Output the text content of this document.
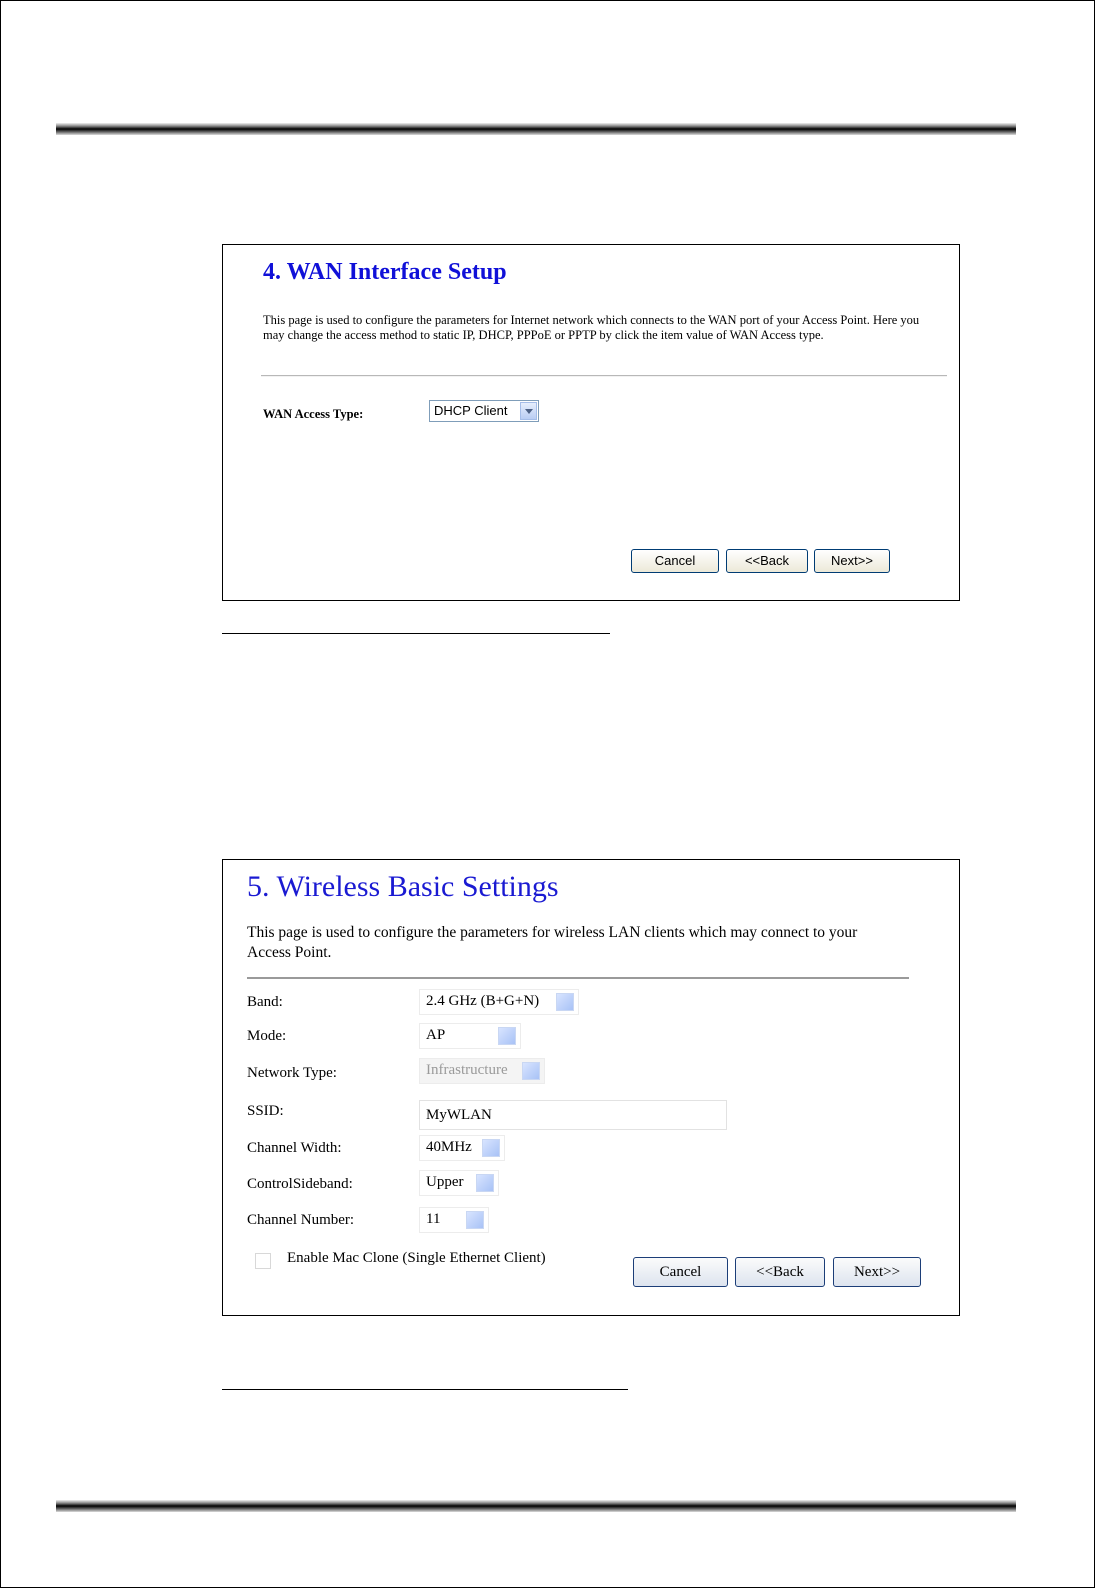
4. WAN Interface Setup

This page is used to configure the parameters for Internet network which connects to the WAN port of your Access Point. Here you may change the access method to static IP, DHCP, PPPoE or PPTP by click the item value of WAN Access type.

WAN Access Type:	DHCP Client
Cancel	<<Back	Next>>
5. Wireless Basic Settings

This page is used to configure the parameters for wireless LAN clients which may connect to your Access Point.

Band:	2.4 GHz (B+G+N)
Mode:	AP
Network Type:	Infrastructure
SSID:	MyWLAN
Channel Width:	40MHz
ControlSideband:	Upper
Channel Number:	11
Enable Mac Clone (Single Ethernet Client)
Cancel	<<Back	Next>>
